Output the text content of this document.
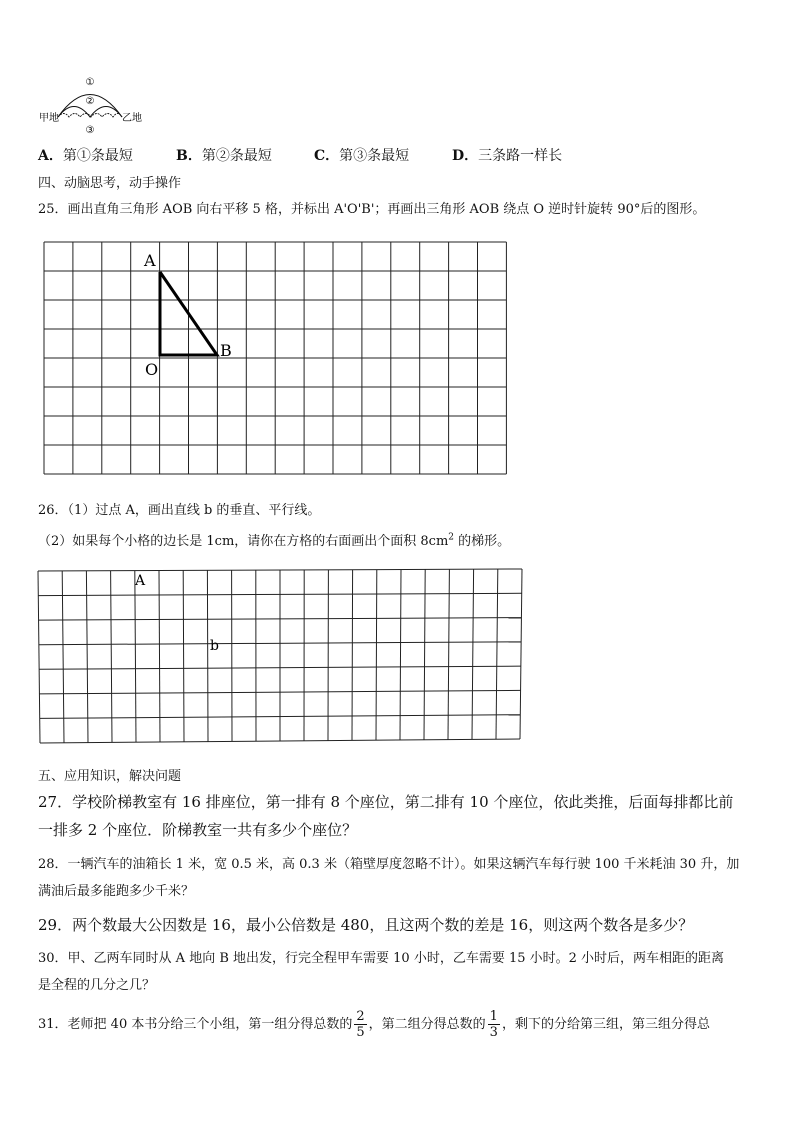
①
②
③
甲地	乙地
A．第①条最短	B．第②条最短	C．第③条最短	D．三条路一样长
四、动脑思考，动手操作
25．画出直角三角形 AOB 向右平移 5 格，并标出 A'O'B'；再画出三角形 AOB 绕点 O 逆时针旋转 90°后的图形。
A
O
B
26．（1）过点 A，画出直线 b 的垂直、平行线。
（2）如果每个小格的边长是 1cm，请你在方格的右面画出个面积 $8cm^2$ 的梯形。
A
b
五、应用知识，解决问题
27．学校阶梯教室有 16 排座位，第一排有 8 个座位，第二排有 10 个座位，依此类推，后面每排都比前
一排多 2 个座位．阶梯教室一共有多少个座位？
28．一辆汽车的油箱长 1 米，宽 0.5 米，高 0.3 米（箱壁厚度忽略不计）。如果这辆汽车每行驶 100 千米耗油 30 升，加
满油后最多能跑多少千米？
29．两个数最大公因数是 16，最小公倍数是 480，且这两个数的差是 16，则这两个数各是多少？
30．甲、乙两车同时从 A 地向 B 地出发，行完全程甲车需要 10 小时，乙车需要 15 小时。2 小时后，两车相距的距离
是全程的几分之几？
31．老师把 40 本书分给三个小组，第一组分得总数的 $\frac{2}{5}$ ，第二组分得总数的 $\frac{1}{3}$ ，剩下的分给第三组，第三组分得总
